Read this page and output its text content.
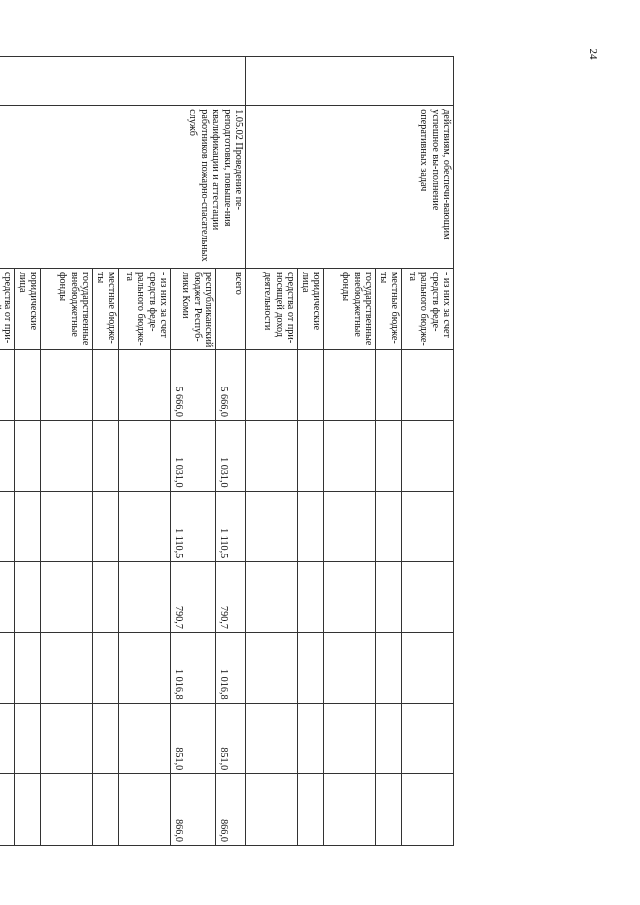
24
	действиям, обеспечи-вающим успешное вы-полнение оперативных задач	- из них за счет средств феде-рального бюдже-та							
		местные бюдже-ты							
		государственные внебюджетные фонды							
		юридические лица							
		средства от при-носящей доход деятельности							
	1.05.02 Проведение пе-реподготовки, повыше-ния квалификации и аттестации работников пожарно-спасательных служб	всего	5 666,0	1 031,0	1 110,5	790,7	1 016,8	851,0	866,0
		республиканский бюджет Респуб-лики Коми	5 666,0	1 031,0	1 110,5	790,7	1 016,8	851,0	866,0
		- из них за счет средств феде-рального бюдже-та							
		местные бюдже-ты							
		государственные внебюджетные фонды							
		юридические лица							
		средства от при-							
